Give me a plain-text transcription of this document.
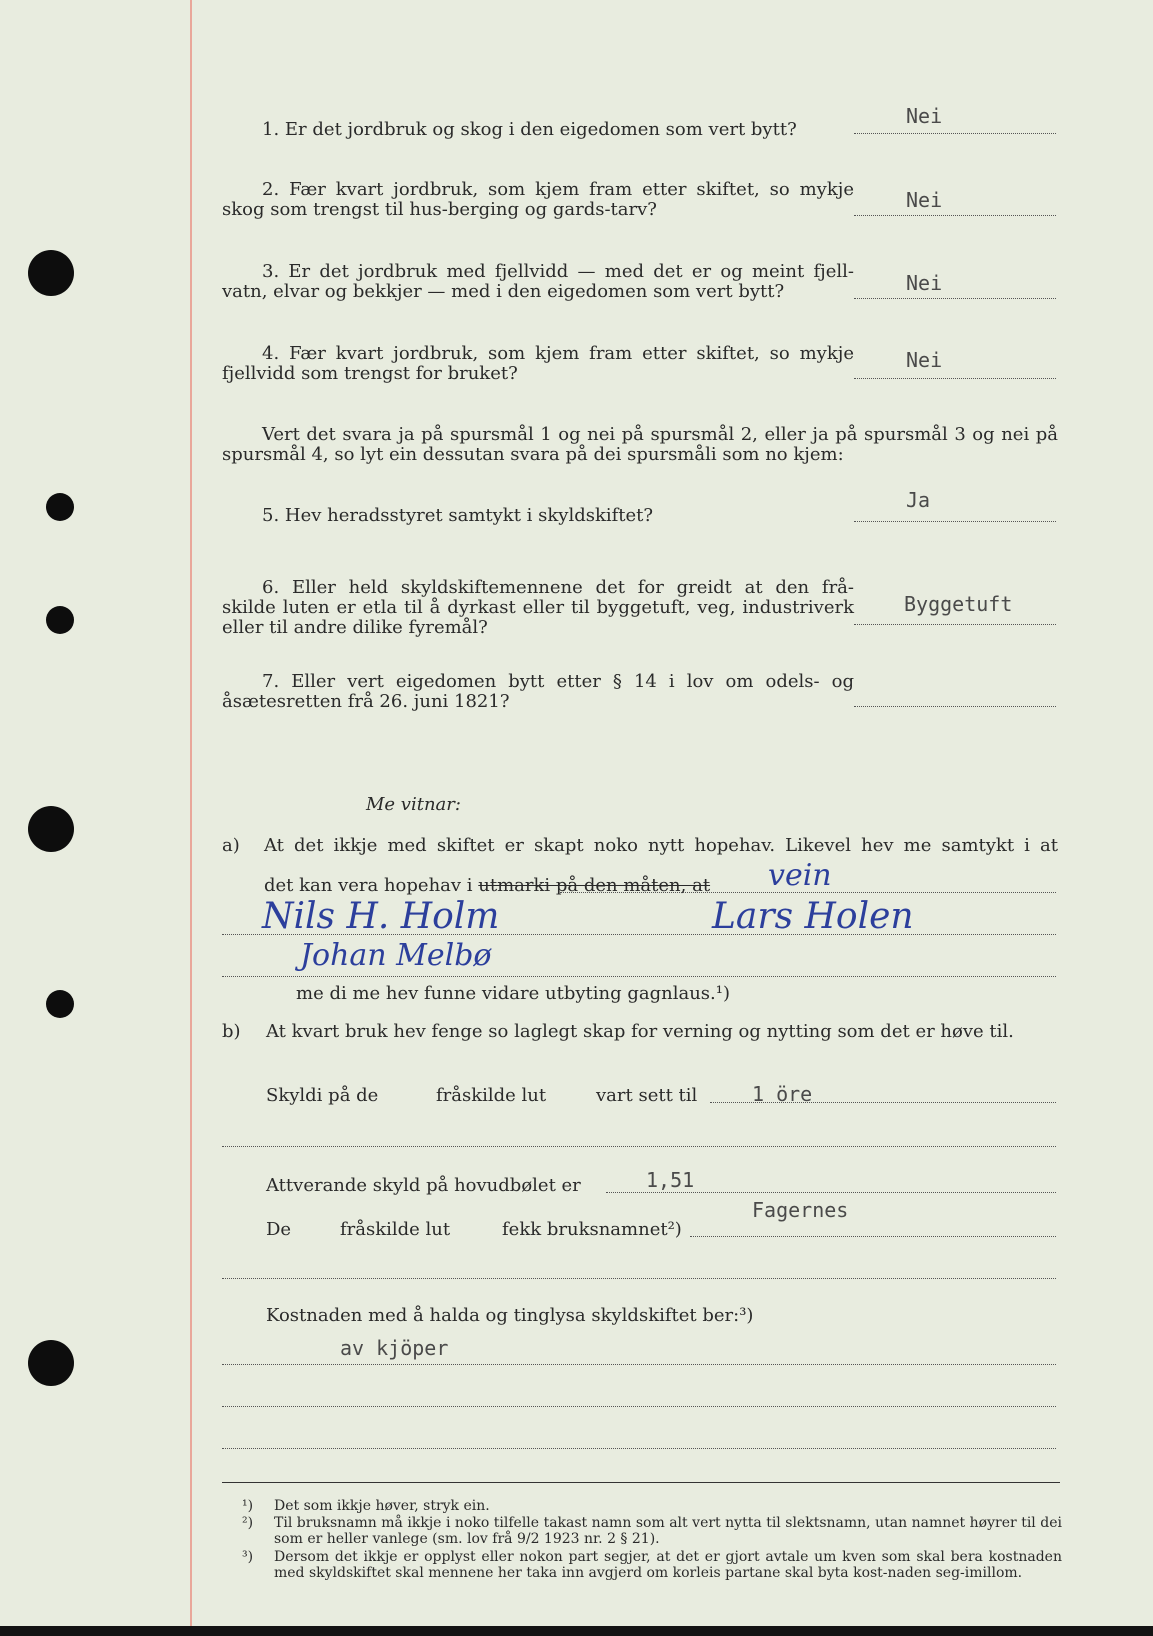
1. Er det jordbruk og skog i den eigedomen som vert bytt?
Nei
2. Fær kvart jordbruk, som kjem fram etter skiftet, so mykje
skog som trengst til hus-berging og gards-tarv?	Nei
3. Er det jordbruk med fjellvidd — med det er og meint fjell-
vatn, elvar og bekkjer — med i den eigedomen som vert bytt?	Nei
4. Fær kvart jordbruk, som kjem fram etter skiftet, so mykje
fjellvidd som trengst for bruket?
Nei
Vert det svara ja på spursmål 1 og nei på spursmål 2, eller ja på spursmål 3 og nei på
spursmål 4, so lyt ein dessutan svara på dei spursmåli som no kjem:
5. Hev heradsstyret samtykt i skyldskiftet?
Ja
6. Eller held skyldskiftemennene det for greidt at den frå-
skilde luten er etla til å dyrkast eller til byggetuft, veg, industriverk
eller til andre dilike fyremål?
Byggetuft
7. Eller vert eigedomen bytt etter § 14 i lov om odels- og
åsætesretten frå 26. juni 1821?
Me vitnar:
a) At det ikkje med skiftet er skapt noko nytt hopehav. Likevel hev me samtykt i at
det kan vera hopehav i utmarki på den måten, at vein
Nils H. Holm	Lars Holen
Johan Melbø
me di me hev funne vidare utbyting gagnlaus.¹)
b) At kvart bruk hev fenge so laglegt skap for verning og nytting som det er høve til.
Skyldi på de	fråskilde lut	vart sett til	1 öre
Attverande skyld på hovudbølet er	1,51
De	fråskilde lut	fekk bruksnamnet²)
Fagernes
Kostnaden med å halda og tinglysa skyldskiftet ber:³)
av kjöper
¹) Det som ikkje høver, stryk ein.
²) Til bruksnamn må ikkje i noko tilfelle takast namn som alt vert nytta til slektsnamn, utan namnet høyrer til dei som er heller vanlege (sm. lov frå 9/2 1923 nr. 2 § 21).
³) Dersom det ikkje er opplyst eller nokon part segjer, at det er gjort avtale um kven som skal bera kostnaden med skyldskiftet skal mennene her taka inn avgjerd om korleis partane skal byta kost-naden seg-imillom.
